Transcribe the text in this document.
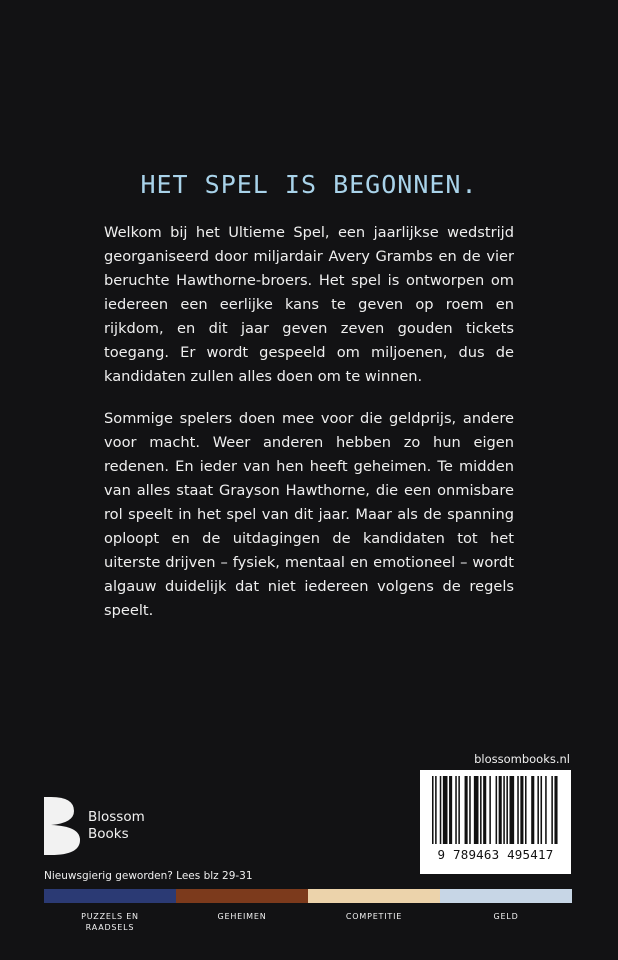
HET SPEL IS BEGONNEN.
Welkom bij het Ultieme Spel, een jaarlijkse wedstrijd georganiseerd door miljardair Avery Grambs en de vier beruchte Hawthorne-broers. Het spel is ontworpen om iedereen een eerlijke kans te geven op roem en rijkdom, en dit jaar geven zeven gouden tickets toegang. Er wordt gespeeld om miljoenen, dus de kandidaten zullen alles doen om te winnen.
Sommige spelers doen mee voor die geldprijs, andere voor macht. Weer anderen hebben zo hun eigen redenen. En ieder van hen heeft geheimen. Te midden van alles staat Grayson Hawthorne, die een onmisbare rol speelt in het spel van dit jaar. Maar als de spanning oploopt en de uitdagingen de kandidaten tot het uiterste drijven – fysiek, mentaal en emotioneel – wordt algauw duidelijk dat niet iedereen volgens de regels speelt.
blossombooks.nl
9 789463 495417
Blossom
Books
Nieuwsgierig geworden? Lees blz 29-31
PUZZELS EN
RAADSELS
GEHEIMEN	COMPETITIE	GELD
